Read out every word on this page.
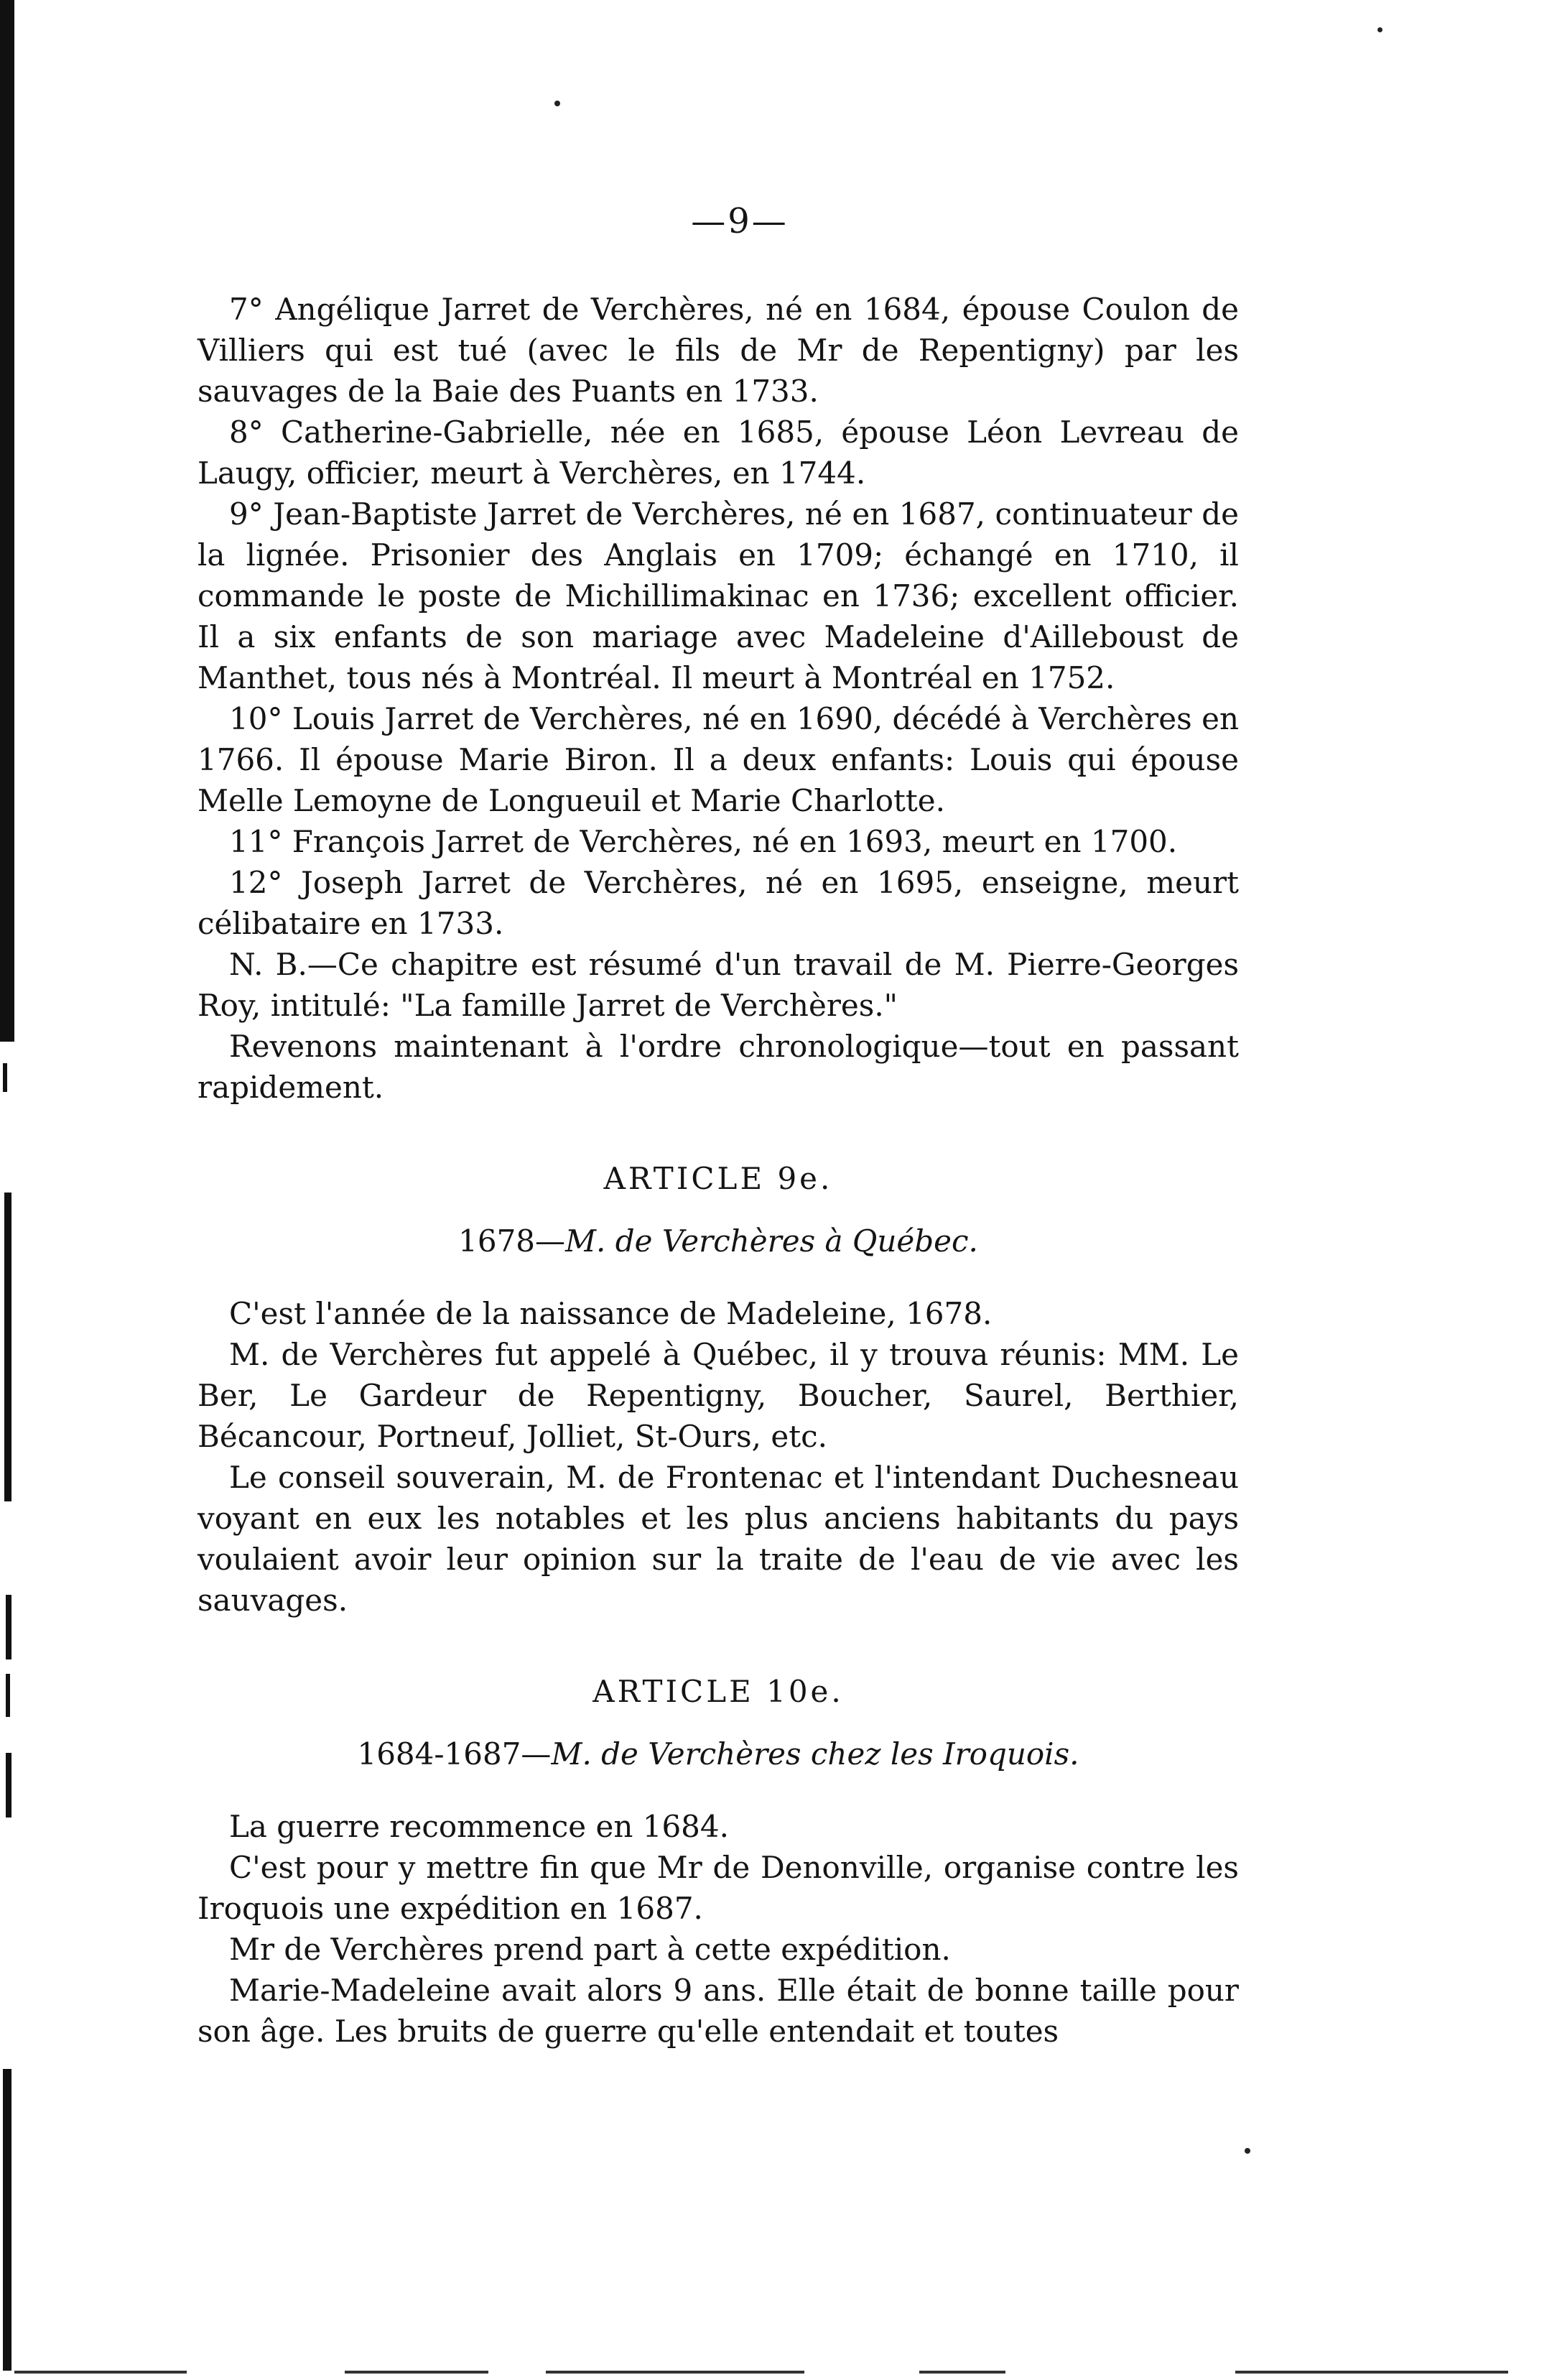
—9—

7° Angélique Jarret de Verchères, né en 1684, épouse Coulon de Villiers qui est tué (avec le fils de Mr de Repentigny) par les sauvages de la Baie des Puants en 1733.

8° Catherine-Gabrielle, née en 1685, épouse Léon Levreau de Laugy, officier, meurt à Verchères, en 1744.

9° Jean-Baptiste Jarret de Verchères, né en 1687, continuateur de la lignée. Prisonier des Anglais en 1709; échangé en 1710, il commande le poste de Michillimakinac en 1736; excellent officier. Il a six enfants de son mariage avec Madeleine d'Ailleboust de Manthet, tous nés à Montréal. Il meurt à Montréal en 1752.

10° Louis Jarret de Verchères, né en 1690, décédé à Verchères en 1766. Il épouse Marie Biron. Il a deux enfants: Louis qui épouse Melle Lemoyne de Longueuil et Marie Charlotte.

11° François Jarret de Verchères, né en 1693, meurt en 1700.

12° Joseph Jarret de Verchères, né en 1695, enseigne, meurt célibataire en 1733.

N. B.—Ce chapitre est résumé d'un travail de M. Pierre-Georges Roy, intitulé: "La famille Jarret de Verchères."

Revenons maintenant à l'ordre chronologique—tout en passant rapidement.

ARTICLE 9e.
1678—M. de Verchères à Québec.

C'est l'année de la naissance de Madeleine, 1678.

M. de Verchères fut appelé à Québec, il y trouva réunis: MM. Le Ber, Le Gardeur de Repentigny, Boucher, Saurel, Berthier, Bécancour, Portneuf, Jolliet, St-Ours, etc.

Le conseil souverain, M. de Frontenac et l'intendant Duchesneau voyant en eux les notables et les plus anciens habitants du pays voulaient avoir leur opinion sur la traite de l'eau de vie avec les sauvages.

ARTICLE 10e.
1684-1687—M. de Verchères chez les Iroquois.

La guerre recommence en 1684.

C'est pour y mettre fin que Mr de Denonville, organise contre les Iroquois une expédition en 1687.

Mr de Verchères prend part à cette expédition.

Marie-Madeleine avait alors 9 ans. Elle était de bonne taille pour son âge. Les bruits de guerre qu'elle entendait et toutes
